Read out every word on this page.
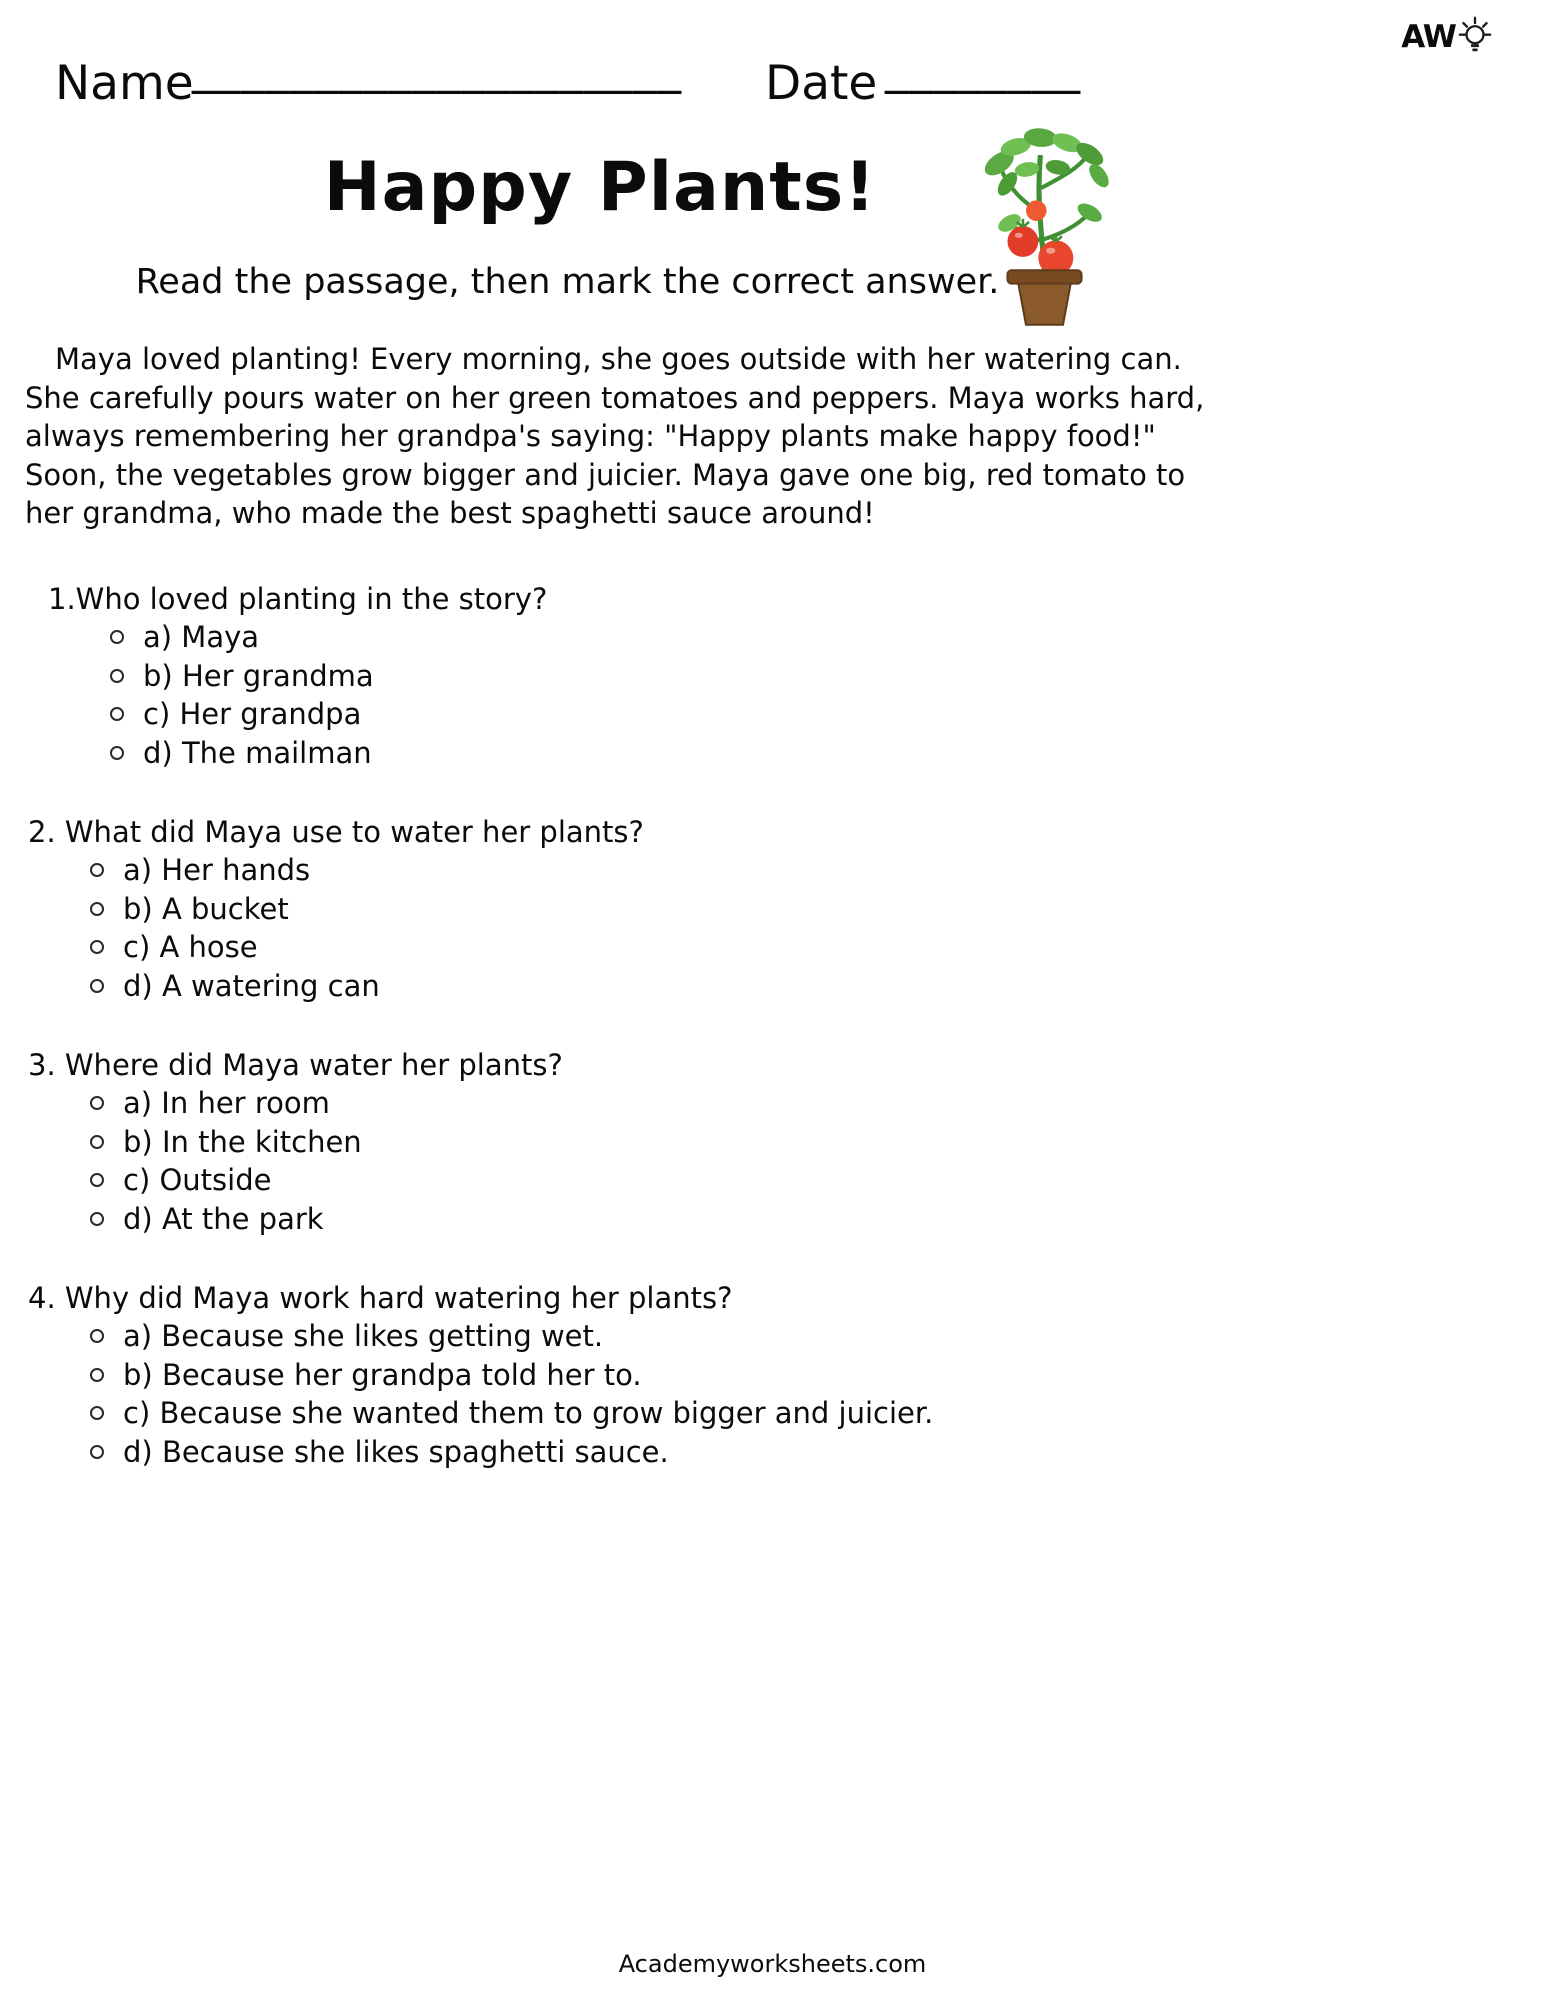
AW
Name
____________________ Date ________
Happy Plants!
Read the passage, then mark the correct answer.

Maya loved planting! Every morning, she goes outside with her watering can. She carefully pours water on her green tomatoes and peppers. Maya works hard, always remembering her grandpa's saying: "Happy plants make happy food!" Soon, the vegetables grow bigger and juicier. Maya gave one big, red tomato to her grandma, who made the best spaghetti sauce around!

1.Who loved planting in the story?
a) Maya
b) Her grandma
c) Her grandpa
d) The mailman
2. What did Maya use to water her plants?
a) Her hands
b) A bucket
c) A hose
d) A watering can
3. Where did Maya water her plants?
a) In her room
b) In the kitchen
c) Outside
d) At the park
4. Why did Maya work hard watering her plants?
a) Because she likes getting wet.
b) Because her grandpa told her to.
c) Because she wanted them to grow bigger and juicier.
d) Because she likes spaghetti sauce.
Academyworksheets.com
